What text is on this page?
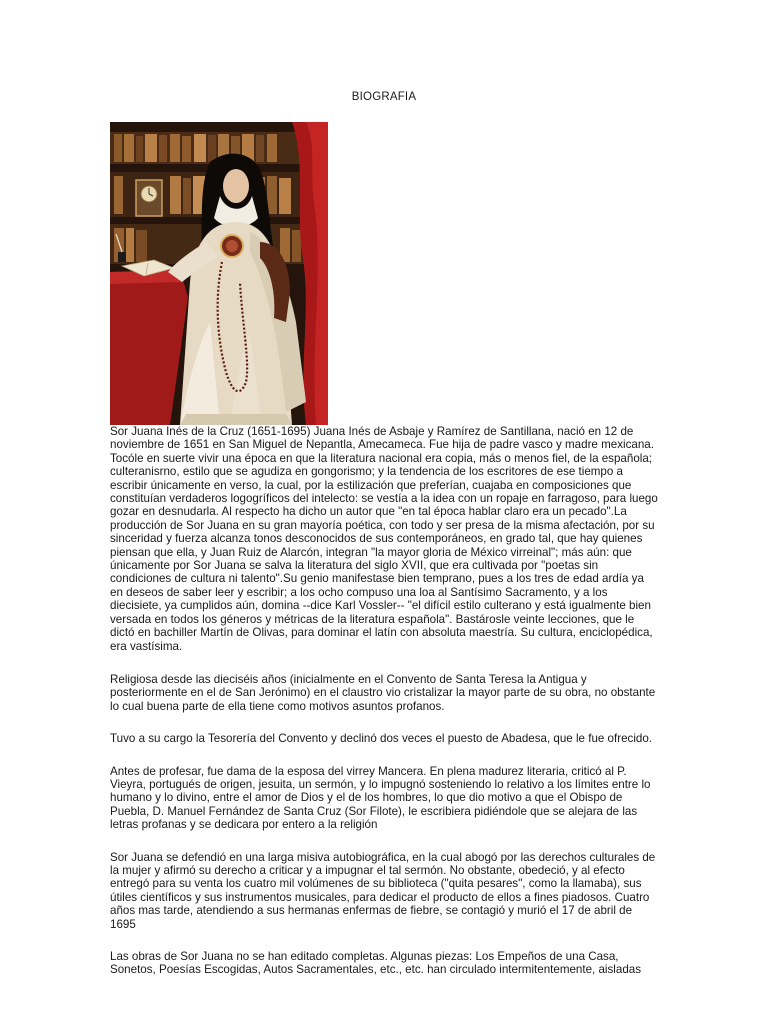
BIOGRAFIA

Sor Juana Inés de la Cruz (1651-1695) Juana Inés de Asbaje y Ramírez de Santillana, nació en 12 de noviembre de 1651 en San Miguel de Nepantla, Amecameca. Fue hija de padre vasco y madre mexicana. Tocóle en suerte vivir una época en que la literatura nacional era copia, más o menos fiel, de la española; culteranisrno, estilo que se agudiza en gongorismo; y la tendencia de los escritores de ese tiempo a escribir únicamente en verso, la cual, por la estilización que preferían, cuajaba en composiciones que constituían verdaderos logogríficos del intelecto: se vestía a la idea con un ropaje en farragoso, para luego gozar en desnudarla. Al respecto ha dicho un autor que "en tal época hablar claro era un pecado".La producción de Sor Juana en su gran mayoría poética, con todo y ser presa de la misma afectación, por su sinceridad y fuerza alcanza tonos desconocidos de sus contemporáneos, en grado tal, que hay quienes piensan que ella, y Juan Ruiz de Alarcón, integran "la mayor gloria de México virreinal"; más aún: que únicamente por Sor Juana se salva la literatura del siglo XVII, que era cultivada por "poetas sin condiciones de cultura ni talento".Su genio manifestase bien temprano, pues a los tres de edad ardía ya en deseos de saber leer y escribir; a los ocho compuso una loa al Santísimo Sacramento, y a los diecisiete, ya cumplidos aún, domina --dice Karl Vossler-- "el difícil estilo culterano y está igualmente bien versada en todos los géneros y métricas de la literatura española". Bastárosle veinte lecciones, que le dictó en bachiller Martín de Olivas, para dominar el latín con absoluta maestría. Su cultura, enciclopédica, era vastísima.

Religiosa desde las dieciséis años (inicialmente en el Convento de Santa Teresa la Antigua y posteriormente en el de San Jerónimo) en el claustro vio cristalizar la mayor parte de su obra, no obstante lo cual buena parte de ella tiene como motivos asuntos profanos.

Tuvo a su cargo la Tesorería del Convento y declinó dos veces el puesto de Abadesa, que le fue ofrecido.

Antes de profesar, fue dama de la esposa del virrey Mancera. En plena madurez literaria, criticó al P. Vieyra, portugués de origen, jesuita, un sermón, y lo impugnó sosteniendo lo relativo a los límites entre lo humano y lo divino, entre el amor de Dios y el de los hombres, lo que dio motivo a que el Obispo de Puebla, D. Manuel Fernández de Santa Cruz (Sor Filote), le escribiera pidiéndole que se alejara de las letras profanas y se dedicara por entero a la religión

Sor Juana se defendió en una larga misiva autobiográfica, en la cual abogó por las derechos culturales de la mujer y afirmó su derecho a criticar y a impugnar el tal sermón. No obstante, obedeció, y al efecto entregó para su venta los cuatro mil volúmenes de su biblioteca ("quita pesares", como la llamaba), sus útiles científicos y sus instrumentos musicales, para dedicar el producto de ellos a fines piadosos. Cuatro años mas tarde, atendiendo a sus hermanas enfermas de fiebre, se contagió y murió el 17 de abril de 1695

Las obras de Sor Juana no se han editado completas. Algunas piezas: Los Empeños de una Casa, Sonetos, Poesías Escogidas, Autos Sacramentales, etc., etc. han circulado intermitentemente, aisladas
